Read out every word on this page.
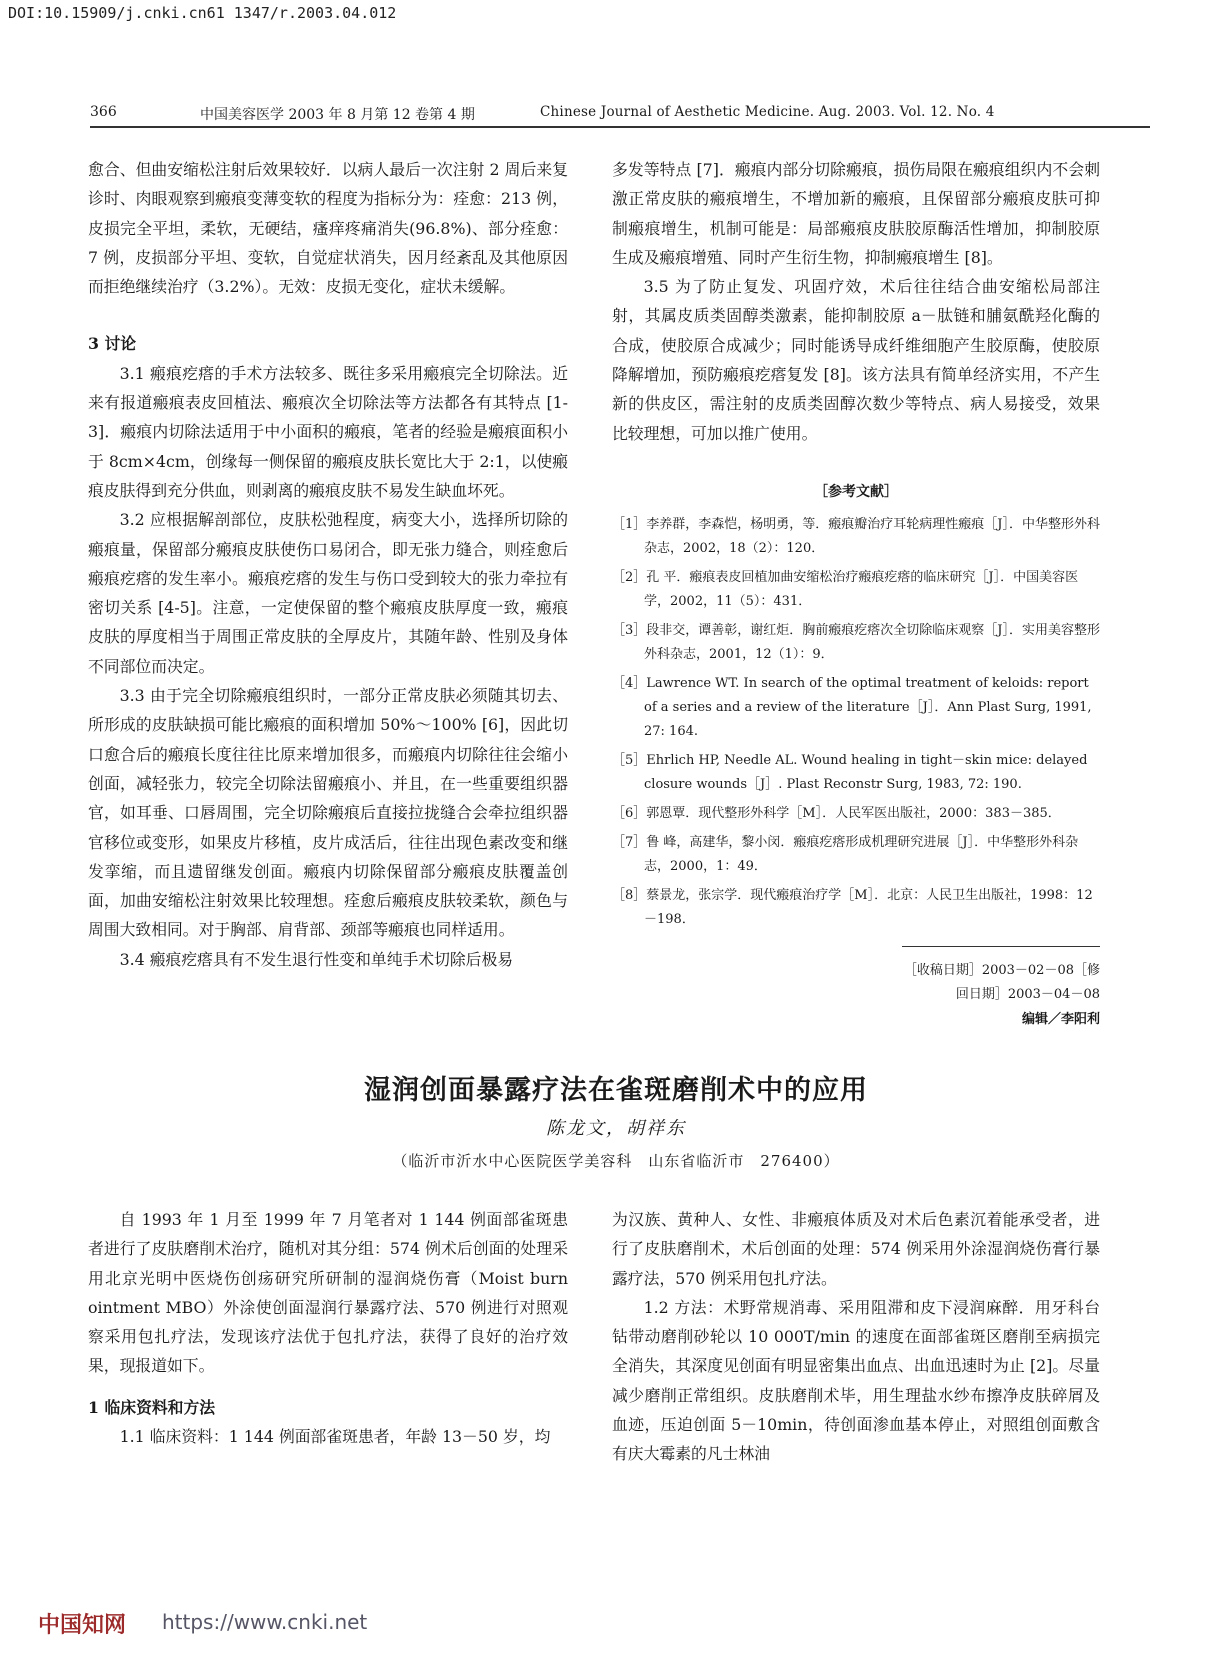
DOI:10.15909/j.cnki.cn61 1347/r.2003.04.012
366	中国美容医学 2003 年 8 月第 12 卷第 4 期	Chinese Journal of Aesthetic Medicine. Aug. 2003. Vol. 12. No. 4

愈合、但曲安缩松注射后效果较好．以病人最后一次注射 2 周后来复诊时、肉眼观察到瘢痕变薄变软的程度为指标分为：痊愈：213 例，皮损完全平坦，柔软，无硬结，瘙痒疼痛消失(96.8%)、部分痊愈：7 例，皮损部分平坦、变软，自觉症状消失，因月经紊乱及其他原因而拒绝继续治疗（3.2%）。无效：皮损无变化，症状未缓解。

3 讨论

3.1 瘢痕疙瘩的手术方法较多、既往多采用瘢痕完全切除法。近来有报道瘢痕表皮回植法、瘢痕次全切除法等方法都各有其特点 [1-3]．瘢痕内切除法适用于中小面积的瘢痕，笔者的经验是瘢痕面积小于 8cm×4cm，创缘每一侧保留的瘢痕皮肤长宽比大于 2:1，以使瘢痕皮肤得到充分供血，则剥离的瘢痕皮肤不易发生缺血坏死。

3.2 应根据解剖部位，皮肤松弛程度，病变大小，选择所切除的瘢痕量，保留部分瘢痕皮肤使伤口易闭合，即无张力缝合，则痊愈后瘢痕疙瘩的发生率小。瘢痕疙瘩的发生与伤口受到较大的张力牵拉有密切关系 [4-5]。注意，一定使保留的整个瘢痕皮肤厚度一致，瘢痕皮肤的厚度相当于周围正常皮肤的全厚皮片，其随年龄、性别及身体不同部位而决定。

3.3 由于完全切除瘢痕组织时，一部分正常皮肤必须随其切去、所形成的皮肤缺损可能比瘢痕的面积增加 50%～100% [6]，因此切口愈合后的瘢痕长度往往比原来增加很多，而瘢痕内切除往往会缩小创面，减轻张力，较完全切除法留瘢痕小、并且，在一些重要组织器官，如耳垂、口唇周围，完全切除瘢痕后直接拉拢缝合会牵拉组织器官移位或变形，如果皮片移植，皮片成活后，往往出现色素改变和继发挛缩，而且遗留继发创面。瘢痕内切除保留部分瘢痕皮肤覆盖创面，加曲安缩松注射效果比较理想。痊愈后瘢痕皮肤较柔软，颜色与周围大致相同。对于胸部、肩背部、颈部等瘢痕也同样适用。

3.4 瘢痕疙瘩具有不发生退行性变和单纯手术切除后极易

多发等特点 [7]．瘢痕内部分切除瘢痕，损伤局限在瘢痕组织内不会刺激正常皮肤的瘢痕增生，不增加新的瘢痕，且保留部分瘢痕皮肤可抑制瘢痕增生，机制可能是：局部瘢痕皮肤胶原酶活性增加，抑制胶原生成及瘢痕增殖、同时产生衍生物，抑制瘢痕增生 [8]。

3.5 为了防止复发、巩固疗效，术后往往结合曲安缩松局部注射，其属皮质类固醇类激素，能抑制胶原 a－肽链和脯氨酰羟化酶的合成，使胶原合成减少；同时能诱导成纤维细胞产生胶原酶，使胶原降解增加，预防瘢痕疙瘩复发 [8]。该方法具有简单经济实用，不产生新的供皮区，需注射的皮质类固醇次数少等特点、病人易接受，效果比较理想，可加以推广使用。

［参考文献］
［1］李养群，李森恺，杨明勇，等．瘢痕瓣治疗耳轮病理性瘢痕［J］．中华整形外科杂志，2002，18（2）：120．
［2］孔 平．瘢痕表皮回植加曲安缩松治疗瘢痕疙瘩的临床研究［J］．中国美容医学，2002，11（5）：431．
［3］段非交，谭善彰，谢红炬．胸前瘢痕疙瘩次全切除临床观察［J］．实用美容整形外科杂志，2001，12（1）：9．
［4］Lawrence WT. In search of the optimal treatment of keloids: report of a series and a review of the literature［J］．Ann Plast Surg, 1991, 27: 164.
［5］Ehrlich HP, Needle AL. Wound healing in tight－skin mice: delayed closure wounds［J］. Plast Reconstr Surg, 1983, 72: 190.
［6］郭恩覃．现代整形外科学［M］．人民军医出版社，2000：383－385．
［7］鲁 峰，高建华，黎小闵．瘢痕疙瘩形成机理研究进展［J］．中华整形外科杂志，2000，1：49．
［8］蔡景龙，张宗学．现代瘢痕治疗学［M］．北京：人民卫生出版社，1998：12－198．
［收稿日期］2003－02－08［修回日期］2003－04－08
编辑／李阳利
湿润创面暴露疗法在雀斑磨削术中的应用
陈龙文，胡祥东
（临沂市沂水中心医院医学美容科　山东省临沂市　276400）

自 1993 年 1 月至 1999 年 7 月笔者对 1 144 例面部雀斑患者进行了皮肤磨削术治疗，随机对其分组：574 例术后创面的处理采用北京光明中医烧伤创疡研究所研制的湿润烧伤膏（Moist burn ointment MBO）外涂使创面湿润行暴露疗法、570 例进行对照观察采用包扎疗法，发现该疗法优于包扎疗法，获得了良好的治疗效果，现报道如下。

1 临床资料和方法

1.1 临床资料：1 144 例面部雀斑患者，年龄 13－50 岁，均

为汉族、黄种人、女性、非瘢痕体质及对术后色素沉着能承受者，进行了皮肤磨削术，术后创面的处理：574 例采用外涂湿润烧伤膏行暴露疗法，570 例采用包扎疗法。

1.2 方法：术野常规消毒、采用阻滞和皮下浸润麻醉．用牙科台钻带动磨削砂轮以 10 000T/min 的速度在面部雀斑区磨削至病损完全消失，其深度见创面有明显密集出血点、出血迅速时为止 [2]。尽量减少磨削正常组织。皮肤磨削术毕，用生理盐水纱布擦净皮肤碎屑及血迹，压迫创面 5－10min，待创面渗血基本停止，对照组创面敷含有庆大霉素的凡士林油

中国知网 https://www.cnki.net
